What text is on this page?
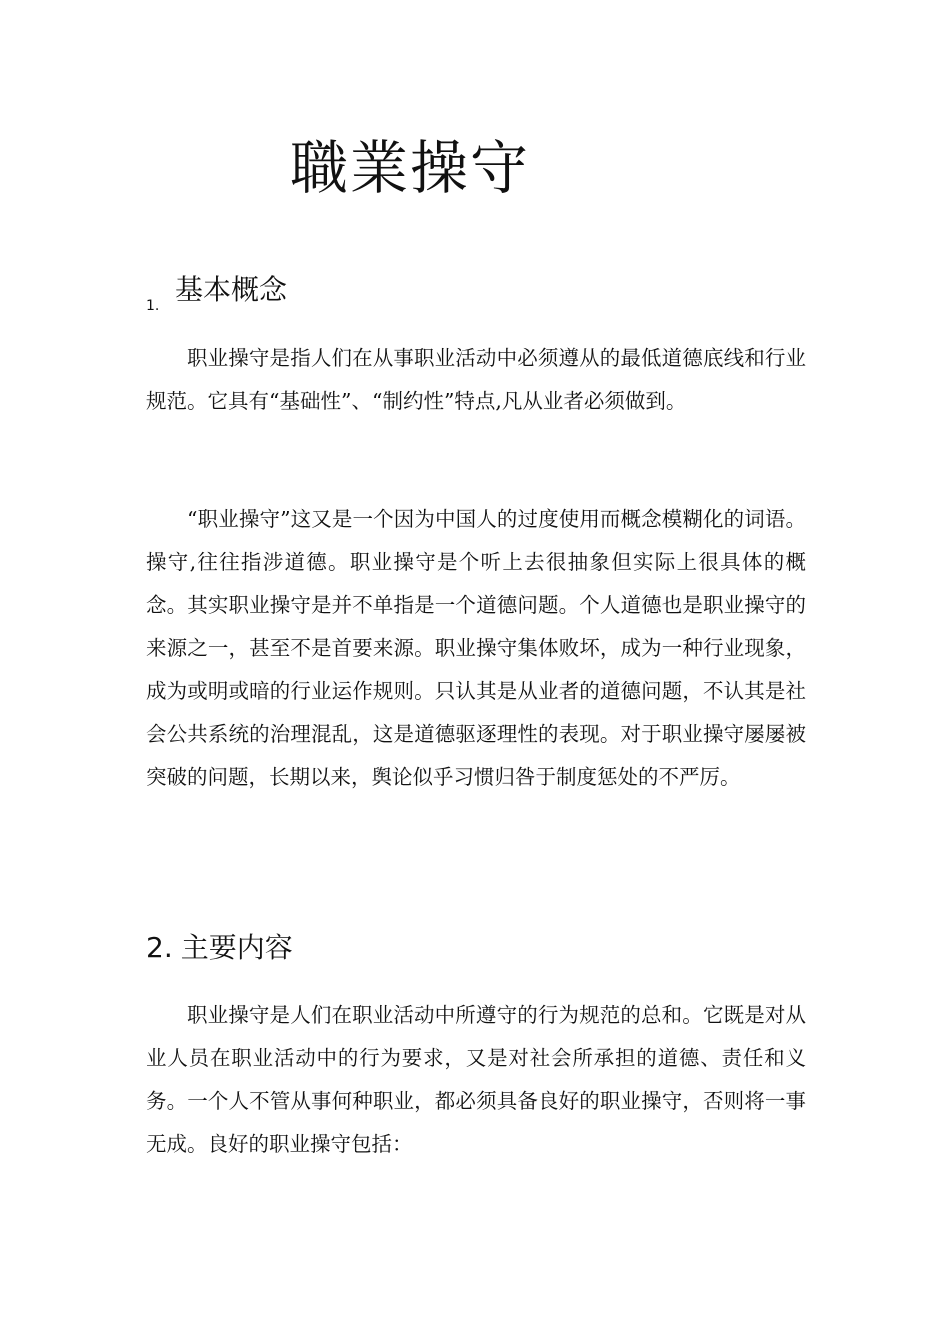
職業操守
1. 基本概念

职业操守是指人们在从事职业活动中必须遵从的最低道德底线和行业规范。它具有“基础性”、“制约性”特点,凡从业者必须做到。

“职业操守”这又是一个因为中国人的过度使用而概念模糊化的词语。操守,往往指涉道德。职业操守是个听上去很抽象但实际上很具体的概念。其实职业操守是并不单指是一个道德问题。个人道德也是职业操守的来源之一，甚至不是首要来源。职业操守集体败坏，成为一种行业现象，成为或明或暗的行业运作规则。只认其是从业者的道德问题，不认其是社会公共系统的治理混乱，这是道德驱逐理性的表现。对于职业操守屡屡被突破的问题，长期以来，舆论似乎习惯归咎于制度惩处的不严厉。

2. 主要内容

职业操守是人们在职业活动中所遵守的行为规范的总和。它既是对从业人员在职业活动中的行为要求，又是对社会所承担的道德、责任和义务。一个人不管从事何种职业，都必须具备良好的职业操守，否则将一事无成。良好的职业操守包括：
